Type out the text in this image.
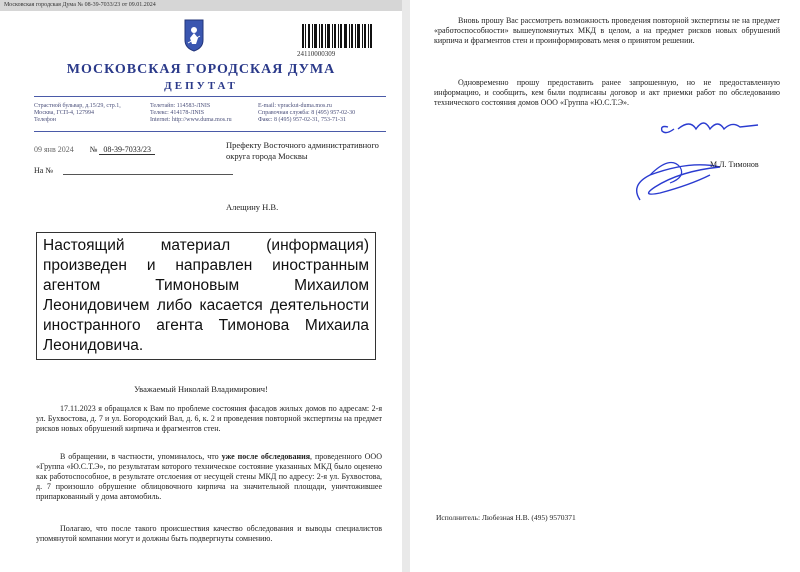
Московская городская Дума № 08-39-7033/23 от 09.01.2024
24110000309
МОСКОВСКАЯ ГОРОДСКАЯ ДУМА
ДЕПУТАТ
Страстной бульвар, д.15/29, стр.1,
Москва, ГСП-4, 127994
Телефон
Телетайп: 114583-ЛNIS
Телекс: 414178-ЛNIS
Internet: http://www.duma.mos.ru
E-mail: vprackut-duma.mos.ru
Справочная служба: 8 (495) 957-02-30
Факс: 8 (495) 957-02-31, 753-71-31
09 янв 2024 № 08-39-7033/23
На №
Префекту Восточного административного округа города Москвы
Алещину Н.В.
Настоящий материал (информация) произведен и направлен иностранным агентом Тимоновым Михаилом Леонидовичем либо касается деятельности иностранного агента Тимонова Михаила Леонидовича.
Уважаемый Николай Владимирович!

17.11.2023 я обращался к Вам по проблеме состояния фасадов жилых домов по адресам: 2-я ул. Бухвостова, д. 7 и ул. Богородский Вал, д. 6, к. 2 и проведения повторной экспертизы на предмет рисков новых обрушений кирпича и фрагментов стен.

В обращении, в частности, упоминалось, что уже после обследования, проведенного ООО «Группа «Ю.С.Т.Э», по результатам которого техническое состояние указанных МКД было оценено как работоспособное, в результате отслоения от несущей стены МКД по адресу: 2-я ул. Бухвостова, д. 7 произошло обрушение облицовочного кирпича на значительной площади, уничтожившее припаркованный у дома автомобиль.

Полагаю, что после такого происшествия качество обследования и выводы специалистов упомянутой компании могут и должны быть подвергнуты сомнению.

Вновь прошу Вас рассмотреть возможность проведения повторной экспертизы не на предмет «работоспособности» вышеупомянутых МКД в целом, а на предмет рисков новых обрушений кирпича и фрагментов стен и проинформировать меня о принятом решении.

Одновременно прошу предоставить ранее запрошенную, но не предоставленную информацию, и сообщить, кем были подписаны договор и акт приемки работ по обследованию технического состояния домов ООО «Группа «Ю.С.Т.Э».

М.Л. Тимонов
Исполнитель: Любезная Н.В. (495) 9570371
